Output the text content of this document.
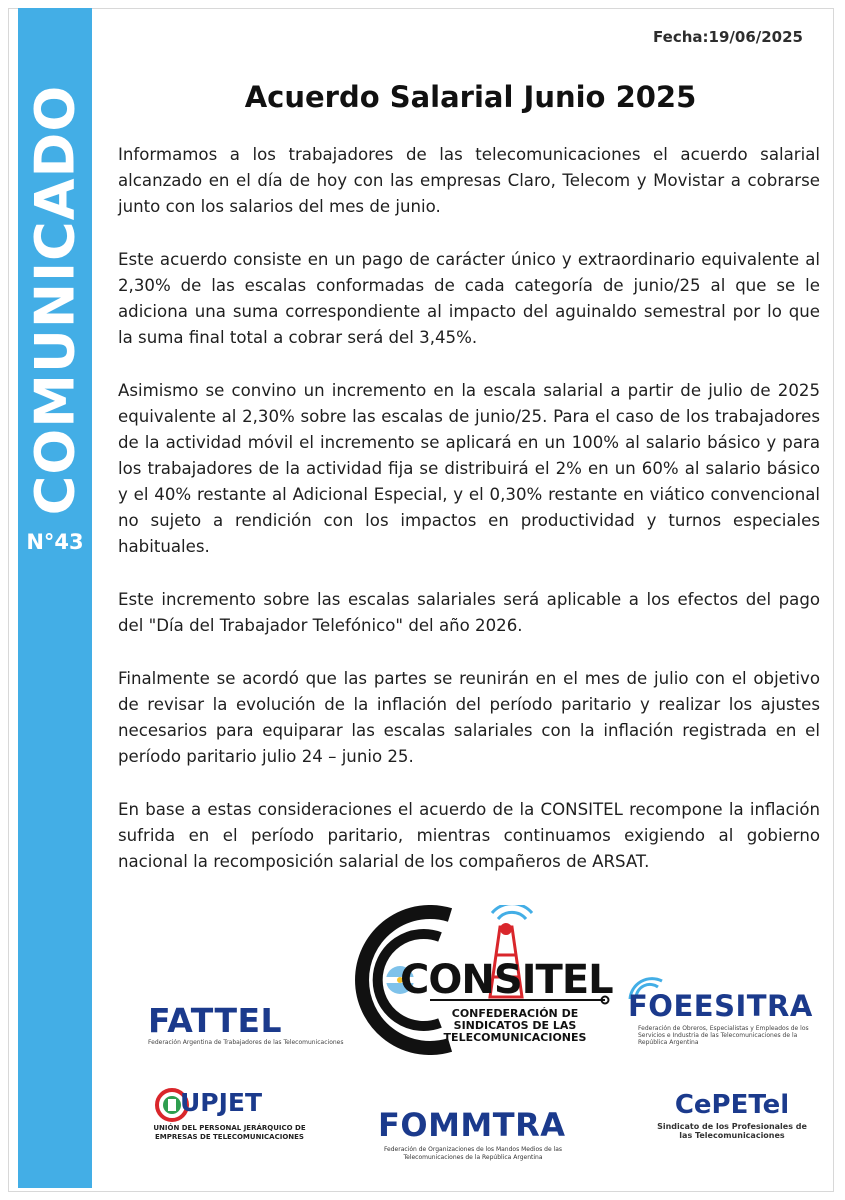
COMUNICADO
N°43
Fecha:19/06/2025
Acuerdo Salarial Junio 2025

Informamos a los trabajadores de las telecomunicaciones el acuerdo salarial alcanzado en el día de hoy con las empresas Claro, Telecom y Movistar a cobrarse junto con los salarios del mes de junio.

Este acuerdo consiste en un pago de carácter único y extraordinario equivalente al 2,30% de las escalas conformadas de cada categoría de junio/25 al que se le adiciona una suma correspondiente al impacto del aguinaldo semestral por lo que la suma final total a cobrar será del 3,45%.

Asimismo se convino un incremento en la escala salarial a partir de julio de 2025 equivalente al 2,30% sobre las escalas de junio/25. Para el caso de los trabajadores de la actividad móvil el incremento se aplicará en un 100% al salario básico y para los trabajadores de la actividad fija se distribuirá el 2% en un 60% al salario básico y el 40% restante al Adicional Especial, y el 0,30% restante en viático convencional no sujeto a rendición con los impactos en productividad y turnos especiales habituales.

Este incremento sobre las escalas salariales será aplicable a los efectos del pago del "Día del Trabajador Telefónico" del año 2026.

Finalmente se acordó que las partes se reunirán en el mes de julio con el objetivo de revisar la evolución de la inflación del período paritario y realizar los ajustes necesarios para equiparar las escalas salariales con la inflación registrada en el período paritario julio 24 – junio 25.

En base a estas consideraciones el acuerdo de la CONSITEL recompone la inflación sufrida en el período paritario, mientras continuamos exigiendo al gobierno nacional la recomposición salarial de los compañeros de ARSAT.

FATTEL
Federación Argentina de Trabajadores de las Telecomunicaciones
CONSITEL
CONFEDERACIÓN DE SINDICATOS DE LAS TELECOMUNICACIONES
FOEESITRA
Federación de Obreros, Especialistas y Empleados de los Servicios e Industria de las Telecomunicaciones de la República Argentina
UPJET
UNIÓN DEL PERSONAL JERÁRQUICO DE EMPRESAS DE TELECOMUNICACIONES	FOMMTRA
Federación de Organizaciones de los Mandos Medios de las Telecomunicaciones de la República Argentina
CePETel
Sindicato de los Profesionales de las Telecomunicaciones
